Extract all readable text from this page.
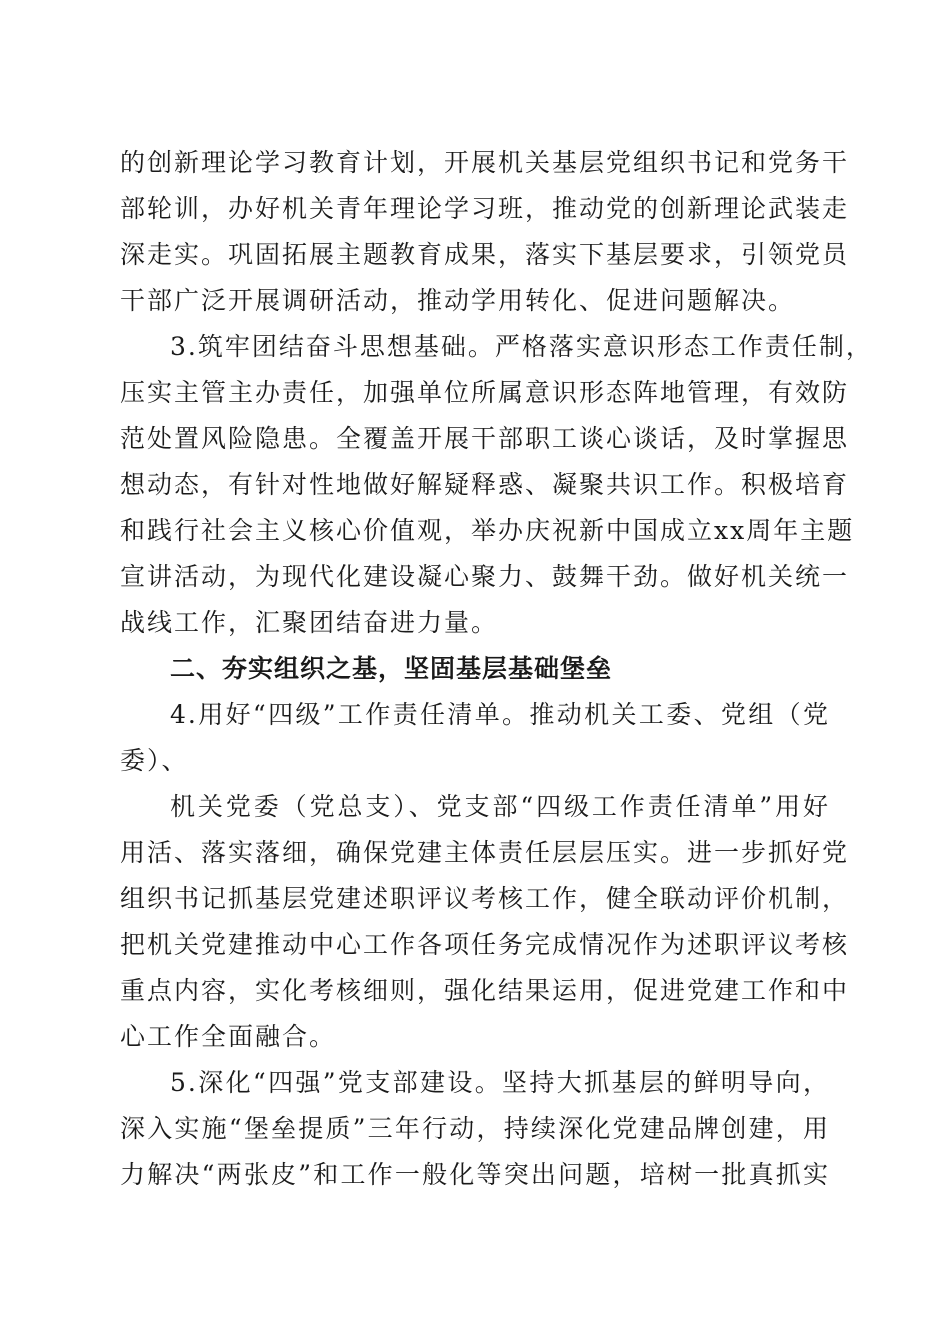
的创新理论学习教育计划，开展机关基层党组织书记和党务干
部轮训，办好机关青年理论学习班，推动党的创新理论武装走
深走实。巩固拓展主题教育成果，落实下基层要求，引领党员
干部广泛开展调研活动，推动学用转化、促进问题解决。
3.筑牢团结奋斗思想基础。严格落实意识形态工作责任制，
压实主管主办责任，加强单位所属意识形态阵地管理，有效防
范处置风险隐患。全覆盖开展干部职工谈心谈话，及时掌握思
想动态，有针对性地做好解疑释惑、凝聚共识工作。积极培育
和践行社会主义核心价值观，举办庆祝新中国成立xx周年主题
宣讲活动，为现代化建设凝心聚力、鼓舞干劲。做好机关统一
战线工作，汇聚团结奋进力量。
二、夯实组织之基，坚固基层基础堡垒
4.用好“四级”工作责任清单。推动机关工委、党组（党
委）、
机关党委（党总支）、党支部“四级工作责任清单”用好
用活、落实落细，确保党建主体责任层层压实。进一步抓好党
组织书记抓基层党建述职评议考核工作，健全联动评价机制，
把机关党建推动中心工作各项任务完成情况作为述职评议考核
重点内容，实化考核细则，强化结果运用，促进党建工作和中
心工作全面融合。
5.深化“四强”党支部建设。坚持大抓基层的鲜明导向，
深入实施“堡垒提质”三年行动，持续深化党建品牌创建，用
力解决“两张皮”和工作一般化等突出问题，培树一批真抓实
